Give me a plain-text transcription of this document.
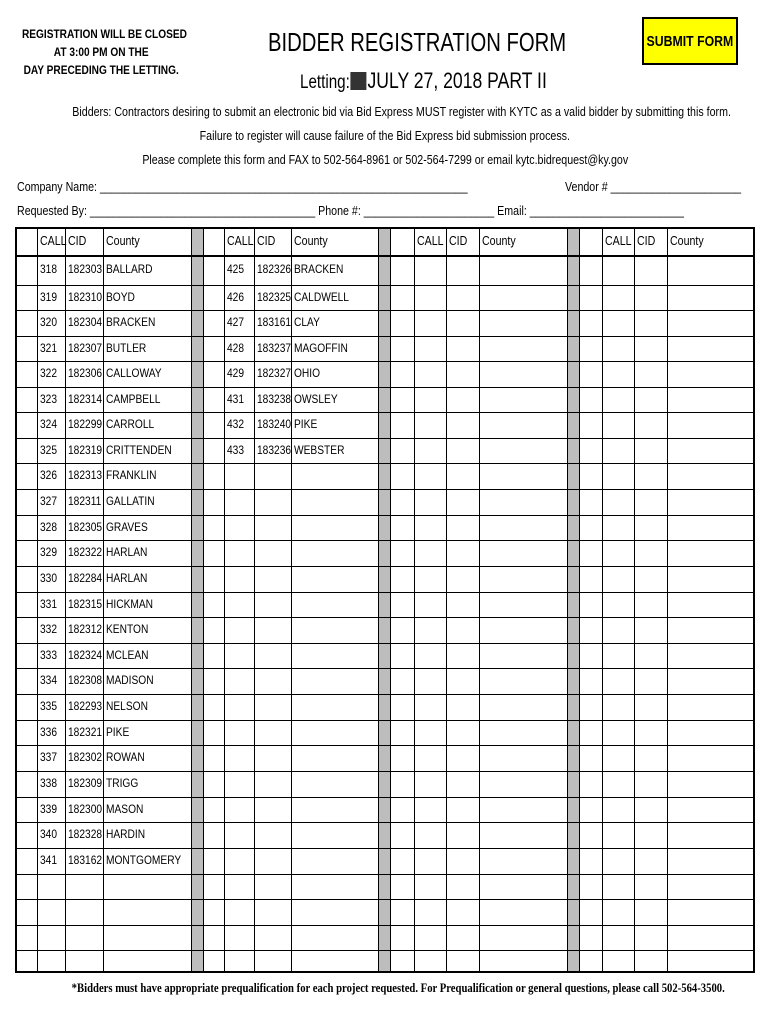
REGISTRATION WILL BE CLOSED
AT 3:00 PM ON THE
DAY PRECEDING THE LETTING.
BIDDER REGISTRATION FORM
Letting: JULY 27, 2018 PART II
SUBMIT FORM
Bidders: Contractors desiring to submit an electronic bid via Bid Express MUST register with KYTC as a valid bidder by submitting this form.
Failure to register will cause failure of the Bid Express bid submission process.
Please complete this form and FAX to 502-564-8961 or 502-564-7299 or email kytc.bidrequest@ky.gov
Company Name: ______________________________________________________________	Vendor # ______________________
Requested By: ______________________________________ Phone #: ______________________ Email: __________________________
CALL CID County
318 182303 BALLARD
319 182310 BOYD
320 182304 BRACKEN
321 182307 BUTLER
322 182306 CALLOWAY
323 182314 CAMPBELL
324 182299 CARROLL
325 182319 CRITTENDEN
326 182313 FRANKLIN
327 182311 GALLATIN
328 182305 GRAVES
329 182322 HARLAN
330 182284 HARLAN
331 182315 HICKMAN
332 182312 KENTON
333 182324 MCLEAN
334 182308 MADISON
335 182293 NELSON
336 182321 PIKE
337 182302 ROWAN
338 182309 TRIGG
339 182300 MASON
340 182328 HARDIN
341 183162 MONTGOMERY
CALL CID County
425 182326 BRACKEN
426 182325 CALDWELL
427 183161 CLAY
428 183237 MAGOFFIN
429 182327 OHIO
431 183238 OWSLEY
432 183240 PIKE
433 183236 WEBSTER
CALL CID County	CALL CID County
*Bidders must have appropriate prequalification for each project requested. For Prequalification or general questions, please call 502-564-3500.
